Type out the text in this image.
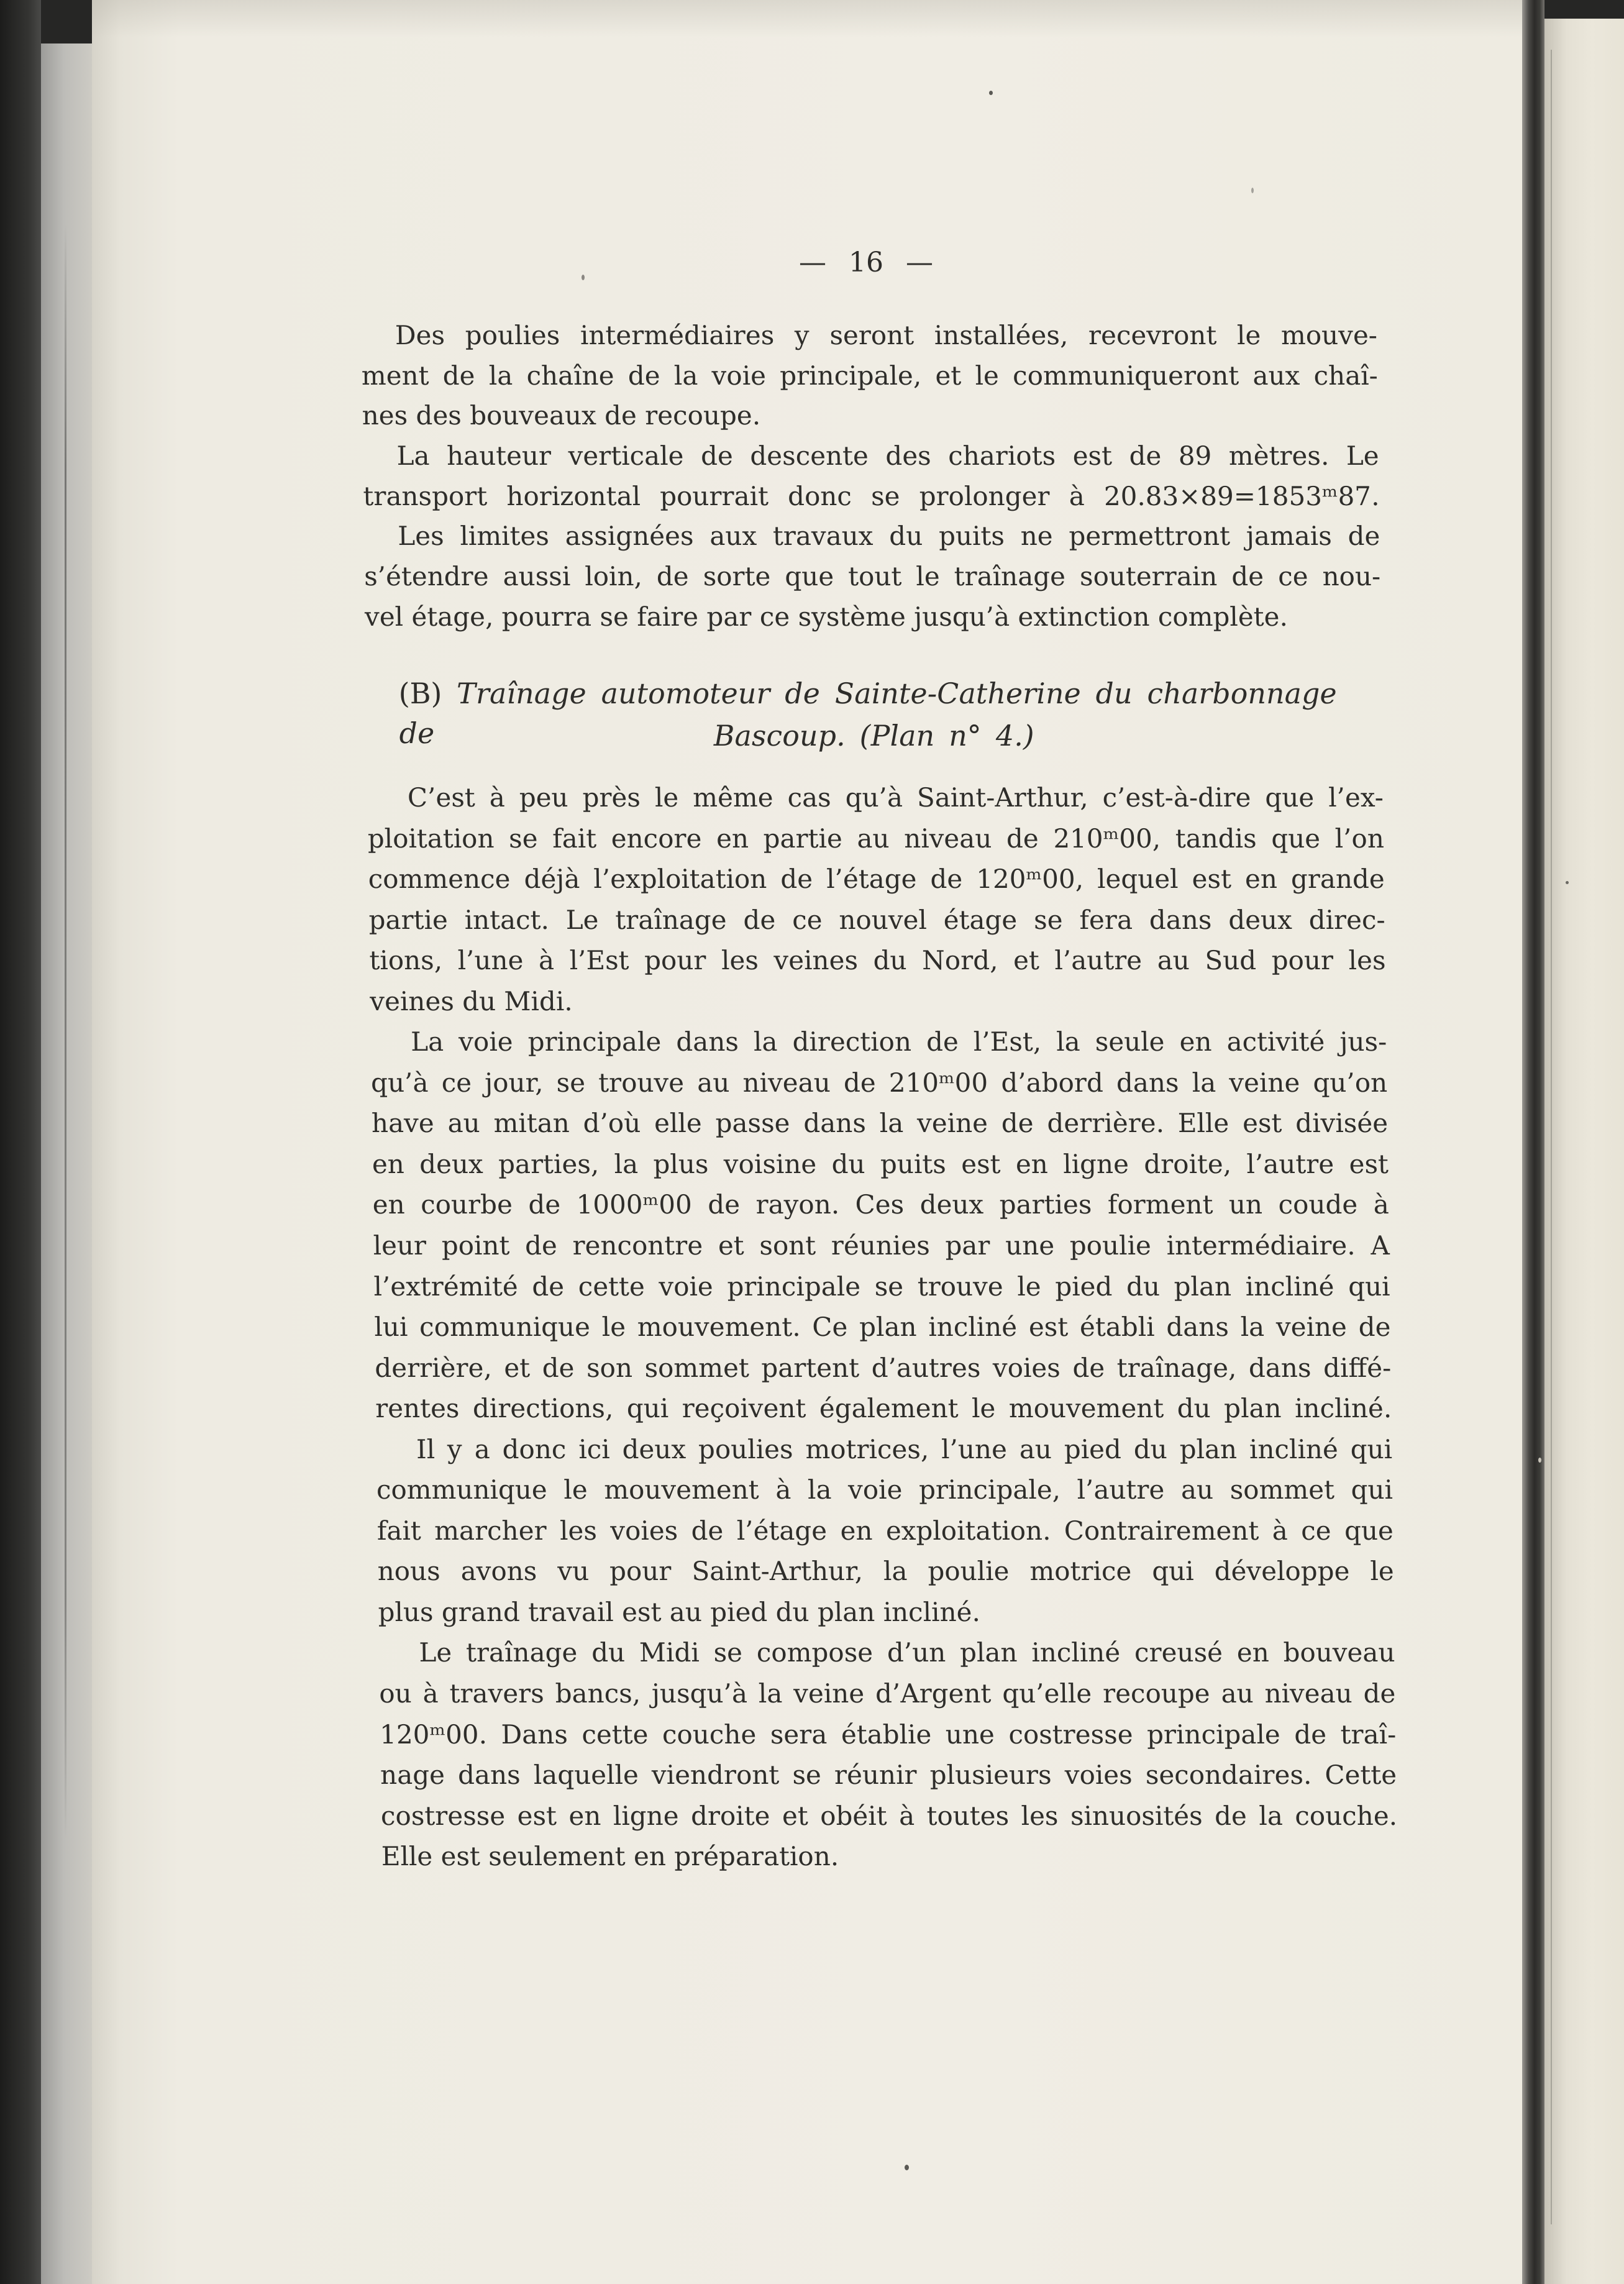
— 16 —
Des poulies intermédiaires y seront installées, recevront le mouve-
ment de la chaîne de la voie principale, et le communiqueront aux chaî-
nes des bouveaux de recoupe.
La hauteur verticale de descente des chariots est de 89 mètres. Le
transport horizontal pourrait donc se prolonger à 20.83×89=1853ᵐ87.
Les limites assignées aux travaux du puits ne permettront jamais de
s’étendre aussi loin, de sorte que tout le traînage souterrain de ce nou-
vel étage, pourra se faire par ce système jusqu’à extinction complète.
(B) Traînage automoteur de Sainte-Catherine du charbonnage de	Bascoup. (Plan n° 4.)
C’est à peu près le même cas qu’à Saint-Arthur, c’est-à-dire que l’ex-
ploitation se fait encore en partie au niveau de 210ᵐ00, tandis que l’on
commence déjà l’exploitation de l’étage de 120ᵐ00, lequel est en grande
partie intact. Le traînage de ce nouvel étage se fera dans deux direc-
tions, l’une à l’Est pour les veines du Nord, et l’autre au Sud pour les
veines du Midi.
La voie principale dans la direction de l’Est, la seule en activité jus-
qu’à ce jour, se trouve au niveau de 210ᵐ00 d’abord dans la veine qu’on
have au mitan d’où elle passe dans la veine de derrière. Elle est divisée
en deux parties, la plus voisine du puits est en ligne droite, l’autre est
en courbe de 1000ᵐ00 de rayon. Ces deux parties forment un coude à
leur point de rencontre et sont réunies par une poulie intermédiaire. A
l’extrémité de cette voie principale se trouve le pied du plan incliné qui
lui communique le mouvement. Ce plan incliné est établi dans la veine de
derrière, et de son sommet partent d’autres voies de traînage, dans diffé-
rentes directions, qui reçoivent également le mouvement du plan incliné.
Il y a donc ici deux poulies motrices, l’une au pied du plan incliné qui
communique le mouvement à la voie principale, l’autre au sommet qui
fait marcher les voies de l’étage en exploitation. Contrairement à ce que
nous avons vu pour Saint-Arthur, la poulie motrice qui développe le
plus grand travail est au pied du plan incliné.
Le traînage du Midi se compose d’un plan incliné creusé en bouveau
ou à travers bancs, jusqu’à la veine d’Argent qu’elle recoupe au niveau de
120ᵐ00. Dans cette couche sera établie une costresse principale de traî-
nage dans laquelle viendront se réunir plusieurs voies secondaires. Cette
costresse est en ligne droite et obéit à toutes les sinuosités de la couche.
Elle est seulement en préparation.
